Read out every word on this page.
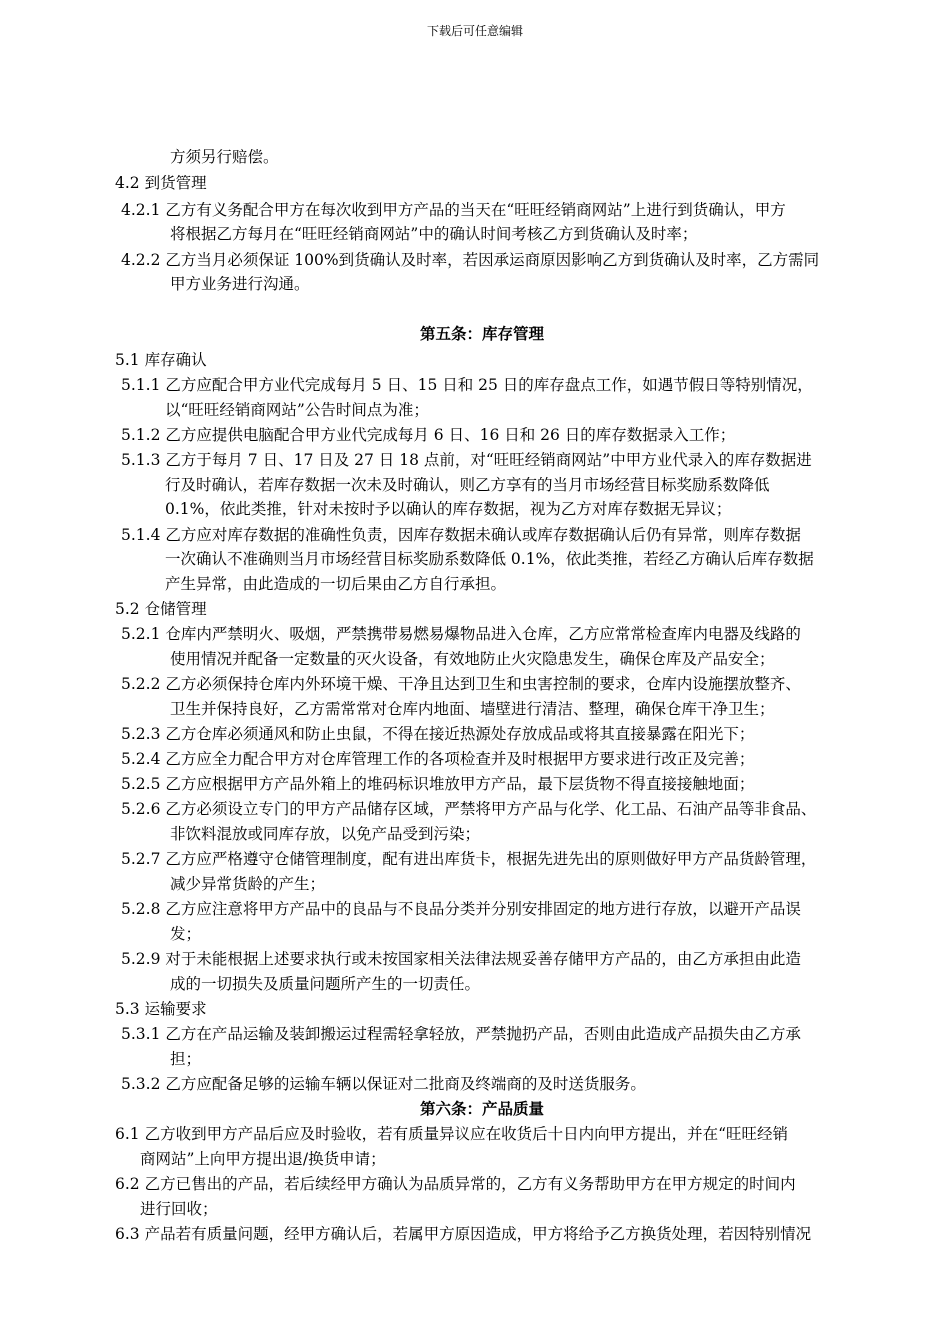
下载后可任意编辑
方须另行赔偿。
4.2 到货管理
4.2.1 乙方有义务配合甲方在每次收到甲方产品的当天在“旺旺经销商网站”上进行到货确认，甲方
将根据乙方每月在“旺旺经销商网站”中的确认时间考核乙方到货确认及时率；
4.2.2 乙方当月必须保证 100%到货确认及时率，若因承运商原因影响乙方到货确认及时率，乙方需同
甲方业务进行沟通。
第五条：库存管理
5.1 库存确认
5.1.1 乙方应配合甲方业代完成每月 5 日、15 日和 25 日的库存盘点工作，如遇节假日等特别情况，
以“旺旺经销商网站”公告时间点为准；
5.1.2 乙方应提供电脑配合甲方业代完成每月 6 日、16 日和 26 日的库存数据录入工作；
5.1.3 乙方于每月 7 日、17 日及 27 日 18 点前，对“旺旺经销商网站”中甲方业代录入的库存数据进
行及时确认，若库存数据一次未及时确认，则乙方享有的当月市场经营目标奖励系数降低
0.1%，依此类推，针对未按时予以确认的库存数据，视为乙方对库存数据无异议；
5.1.4 乙方应对库存数据的准确性负责，因库存数据未确认或库存数据确认后仍有异常，则库存数据
一次确认不准确则当月市场经营目标奖励系数降低 0.1%，依此类推，若经乙方确认后库存数据
产生异常，由此造成的一切后果由乙方自行承担。
5.2 仓储管理
5.2.1 仓库内严禁明火、吸烟，严禁携带易燃易爆物品进入仓库，乙方应常常检查库内电器及线路的
使用情况并配备一定数量的灭火设备，有效地防止火灾隐患发生，确保仓库及产品安全；
5.2.2 乙方必须保持仓库内外环境干燥、干净且达到卫生和虫害控制的要求，仓库内设施摆放整齐、
卫生并保持良好，乙方需常常对仓库内地面、墙壁进行清洁、整理，确保仓库干净卫生；
5.2.3 乙方仓库必须通风和防止虫鼠，不得在接近热源处存放成品或将其直接暴露在阳光下；
5.2.4 乙方应全力配合甲方对仓库管理工作的各项检查并及时根据甲方要求进行改正及完善；
5.2.5 乙方应根据甲方产品外箱上的堆码标识堆放甲方产品，最下层货物不得直接接触地面；
5.2.6 乙方必须设立专门的甲方产品储存区域，严禁将甲方产品与化学、化工品、石油产品等非食品、
非饮料混放或同库存放，以免产品受到污染；
5.2.7 乙方应严格遵守仓储管理制度，配有进出库货卡，根据先进先出的原则做好甲方产品货龄管理，
减少异常货龄的产生；
5.2.8 乙方应注意将甲方产品中的良品与不良品分类并分别安排固定的地方进行存放，以避开产品误
发；
5.2.9 对于未能根据上述要求执行或未按国家相关法律法规妥善存储甲方产品的，由乙方承担由此造
成的一切损失及质量问题所产生的一切责任。
5.3 运输要求
5.3.1 乙方在产品运输及装卸搬运过程需轻拿轻放，严禁抛扔产品，否则由此造成产品损失由乙方承
担；
5.3.2 乙方应配备足够的运输车辆以保证对二批商及终端商的及时送货服务。
第六条：产品质量
6.1 乙方收到甲方产品后应及时验收，若有质量异议应在收货后十日内向甲方提出，并在“旺旺经销
商网站”上向甲方提出退/换货申请；
6.2 乙方已售出的产品，若后续经甲方确认为品质异常的，乙方有义务帮助甲方在甲方规定的时间内
进行回收；
6.3 产品若有质量问题，经甲方确认后，若属甲方原因造成，甲方将给予乙方换货处理，若因特别情况
